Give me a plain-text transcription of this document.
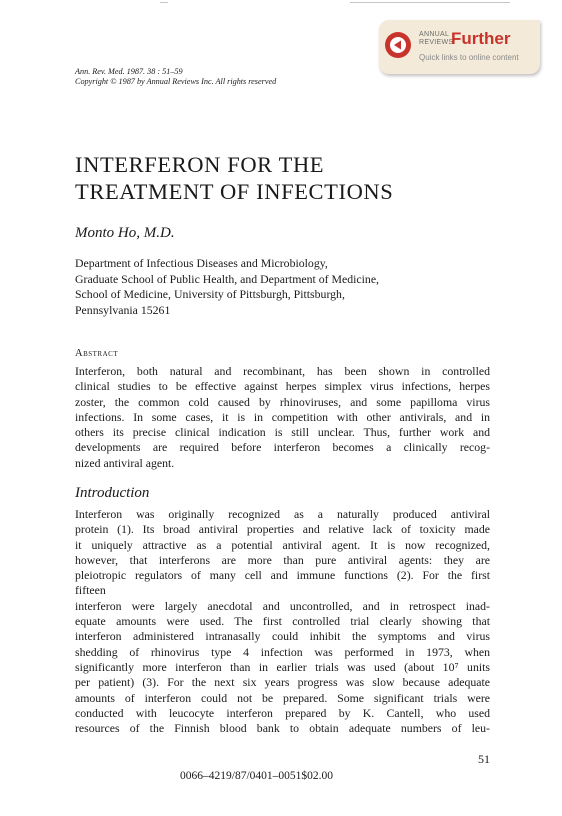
ANNUAL
REVIEWS
Further
Quick links to online content
Ann. Rev. Med. 1987. 38 : 51–59
Copyright © 1987 by Annual Reviews Inc. All rights reserved
INTERFERON FOR THE
TREATMENT OF INFECTIONS
Monto Ho, M.D.
Department of Infectious Diseases and Microbiology,
Graduate School of Public Health, and Department of Medicine,
School of Medicine, University of Pittsburgh, Pittsburgh,
Pennsylvania 15261
Abstract
Interferon, both natural and recombinant, has been shown in controlled
clinical studies to be effective against herpes simplex virus infections, herpes
zoster, the common cold caused by rhinoviruses, and some papilloma virus
infections. In some cases, it is in competition with other antivirals, and in
others its precise clinical indication is still unclear. Thus, further work and
developments are required before interferon becomes a clinically recog-
nized antiviral agent.
Introduction
Interferon was originally recognized as a naturally produced antiviral
protein (1). Its broad antiviral properties and relative lack of toxicity made
it uniquely attractive as a potential antiviral agent. It is now recognized,
however, that interferons are more than pure antiviral agents: they are
pleiotropic regulators of many cell and immune functions (2). For the first
fifteen
interferon were largely anecdotal and uncontrolled, and in retrospect inad-
equate amounts were used. The first controlled trial clearly showing that
interferon administered intranasally could inhibit the symptoms and virus
shedding of rhinovirus type 4 infection was performed in 1973, when
significantly more interferon than in earlier trials was used (about 10⁷ units
per patient) (3). For the next six years progress was slow because adequate
amounts of interferon could not be prepared. Some significant trials were
conducted with leucocyte interferon prepared by K. Cantell, who used
resources of the Finnish blood bank to obtain adequate numbers of leu-
51
0066–4219/87/0401–0051$02.00
